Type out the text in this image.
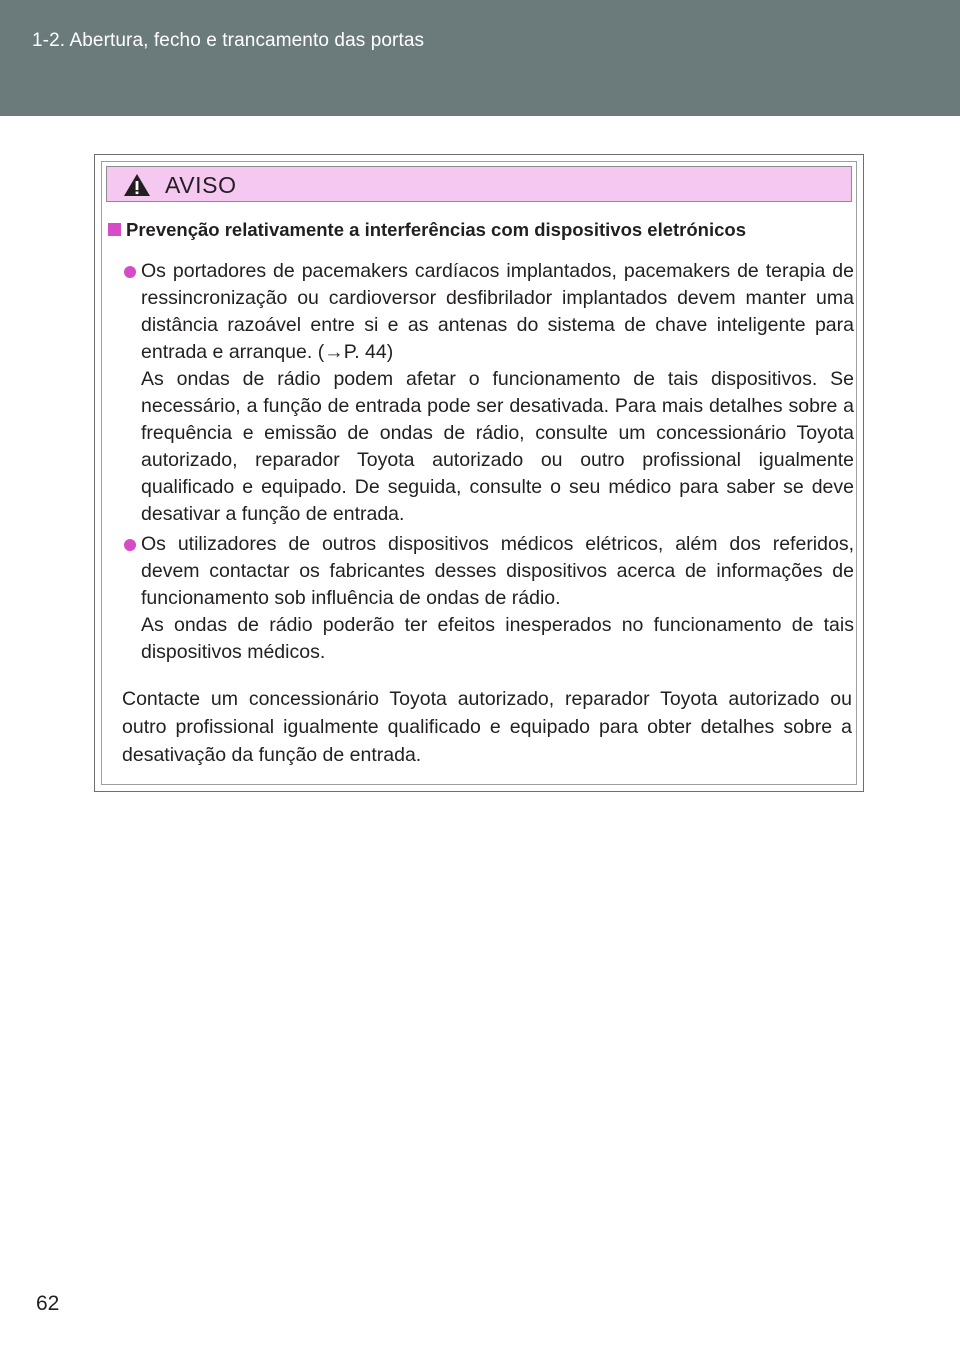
1-2. Abertura, fecho e trancamento das portas
AVISO
Prevenção relativamente a interferências com dispositivos eletrónicos

Os portadores de pacemakers cardíacos implantados, pacemakers de terapia de ressincronização ou cardioversor desfibrilador implantados devem manter uma distância razoável entre si e as antenas do sistema de chave inteligente para entrada e arranque. (→P. 44)

As ondas de rádio podem afetar o funcionamento de tais dispositivos. Se necessário, a função de entrada pode ser desativada. Para mais detalhes sobre a frequência e emissão de ondas de rádio, consulte um concessionário Toyota autorizado, reparador Toyota autorizado ou outro profissional igualmente qualificado e equipado. De seguida, consulte o seu médico para saber se deve desativar a função de entrada.

Os utilizadores de outros dispositivos médicos elétricos, além dos referidos, devem contactar os fabricantes desses dispositivos acerca de informações de funcionamento sob influência de ondas de rádio.

As ondas de rádio poderão ter efeitos inesperados no funcionamento de tais dispositivos médicos.

Contacte um concessionário Toyota autorizado, reparador Toyota autorizado ou outro profissional igualmente qualificado e equipado para obter detalhes sobre a desativação da função de entrada.

62
